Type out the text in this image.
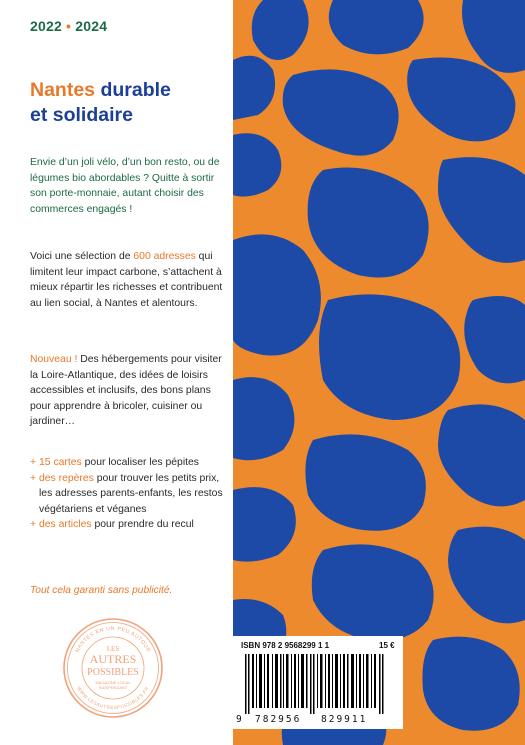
2022 • 2024
Nantes durable
et solidaire
Envie d’un joli vélo, d’un bon resto, ou de légumes bio abordables ? Quitte à sortir son porte-monnaie, autant choisir des commerces engagés !
Voici une sélection de 600 adresses qui limitent leur impact carbone, s’attachent à mieux répartir les richesses et contribuent au lien social, à Nantes et alentours.
Nouveau ! Des hébergements pour visiter la Loire-Atlantique, des idées de loisirs accessibles et inclusifs, des bons plans pour apprendre à bricoler, cuisiner ou jardiner…
+ 15 cartes pour localiser les pépites
+ des repères pour trouver les petits prix, les adresses parents-enfants, les restos végétariens et véganes
+ des articles pour prendre du recul
Tout cela garanti sans publicité.
NANTES EN UN PEU AUTOUR
WWW.LESAUTRESPOSSIBLES.FR
LES
AUTRES
POSSIBLES
MAGAZINE LOCAL
INDÉPENDANT
ISBN 978 2 9568299 1 1	15 €
9 782956 829911
